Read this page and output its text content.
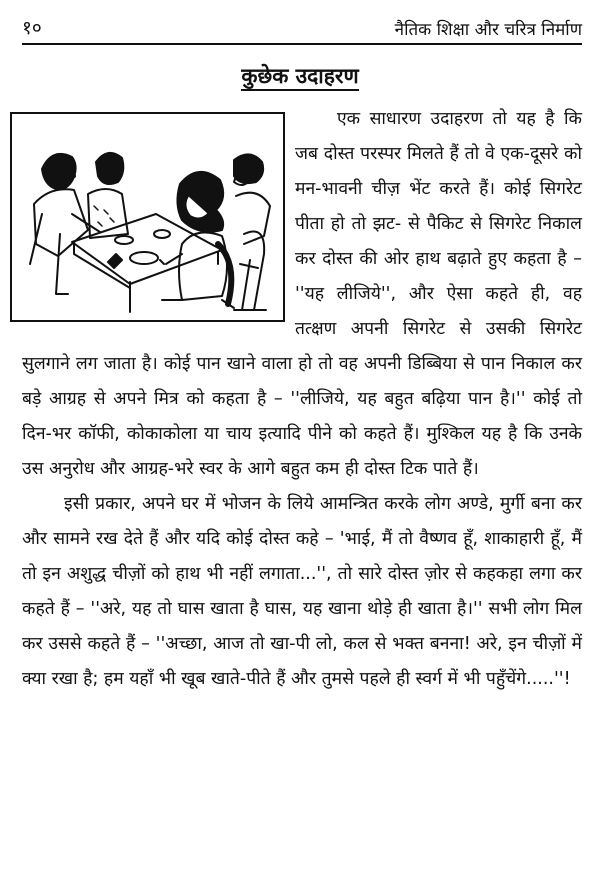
१०	नैतिक शिक्षा और चरित्र निर्माण
कुछेक उदाहरण

एक साधारण उदाहरण तो यह है कि जब दोस्त परस्पर मिलते हैं तो वे एक-दूसरे को मन-भावनी चीज़ भेंट करते हैं। कोई सिगरेट पीता हो तो झट- से पैकिट से सिगरेट निकाल कर दोस्त की ओर हाथ बढ़ाते हुए कहता है – ''यह लीजिये'', और ऐसा कहते ही, वह तत्क्षण अपनी सिगरेट से उसकी सिगरेट सुलगाने लग जाता है। कोई पान खाने वाला हो तो वह अपनी डिब्बिया से पान निकाल कर बड़े आग्रह से अपने मित्र को कहता है – ''लीजिये, यह बहुत बढ़िया पान है।'' कोई तो दिन-भर कॉफी, कोकाकोला या चाय इत्यादि पीने को कहते हैं। मुश्किल यह है कि उनके उस अनुरोध और आग्रह-भरे स्वर के आगे बहुत कम ही दोस्त टिक पाते हैं।

इसी प्रकार, अपने घर में भोजन के लिये आमन्त्रित करके लोग अण्डे, मुर्गी बना कर और सामने रख देते हैं और यदि कोई दोस्त कहे – 'भाई, मैं तो वैष्णव हूँ, शाकाहारी हूँ, मैं तो इन अशुद्ध चीज़ों को हाथ भी नहीं लगाता...'', तो सारे दोस्त ज़ोर से कहकहा लगा कर कहते हैं – ''अरे, यह तो घास खाता है घास, यह खाना थोड़े ही खाता है।'' सभी लोग मिल कर उससे कहते हैं – ''अच्छा, आज तो खा-पी लो, कल से भक्त बनना! अरे, इन चीज़ों में क्या रखा है; हम यहाँ भी खूब खाते-पीते हैं और तुमसे पहले ही स्वर्ग में भी पहुँचेंगे.....''!
